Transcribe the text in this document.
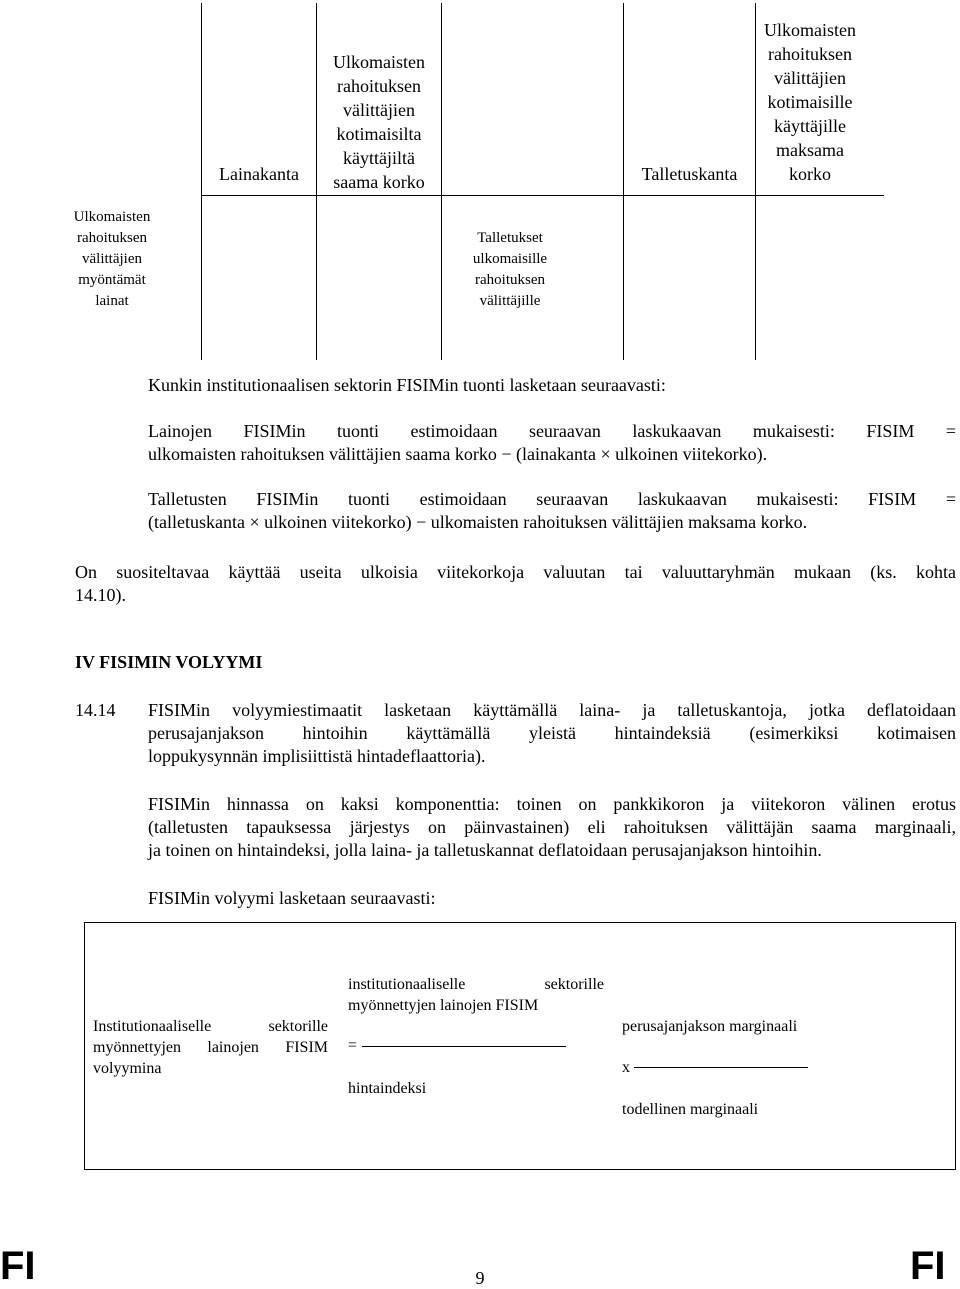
Lainakanta
Ulkomaisten
rahoituksen
välittäjien
kotimaisilta
käyttäjiltä
saama korko	Talletuskanta
Ulkomaisten
rahoituksen
välittäjien
kotimaisille
käyttäjille
maksama
korko
Ulkomaisten
rahoituksen
välittäjien
myöntämät
lainat
Talletukset
ulkomaisille
rahoituksen
välittäjille
Kunkin institutionaalisen sektorin FISIMin tuonti lasketaan seuraavasti:
Lainojen FISIMin tuonti estimoidaan seuraavan laskukaavan mukaisesti: FISIM =
ulkomaisten rahoituksen välittäjien saama korko − (lainakanta × ulkoinen viitekorko).
Talletusten FISIMin tuonti estimoidaan seuraavan laskukaavan mukaisesti: FISIM =
(talletuskanta × ulkoinen viitekorko) − ulkomaisten rahoituksen välittäjien maksama korko.
On suositeltavaa käyttää useita ulkoisia viitekorkoja valuutan tai valuuttaryhmän mukaan (ks. kohta
14.10).
IV FISIMIN VOLYYMI
14.14 FISIMin volyymiestimaatit lasketaan käyttämällä laina- ja talletuskantoja, jotka deflatoidaan
perusajanjakson hintoihin käyttämällä yleistä hintaindeksiä (esimerkiksi kotimaisen
loppukysynnän implisiittistä hintadeflaattoria).
FISIMin hinnassa on kaksi komponenttia: toinen on pankkikoron ja viitekoron välinen erotus
(talletusten tapauksessa järjestys on päinvastainen) eli rahoituksen välittäjän saama marginaali,
ja toinen on hintaindeksi, jolla laina- ja talletuskannat deflatoidaan perusajanjakson hintoihin.
FISIMin volyymi lasketaan seuraavasti:
Institutionaaliselle sektorille
myönnettyjen lainojen FISIM
volyymina
institutionaaliselle sektorille
myönnettyjen lainojen FISIM
=
hintaindeksi
perusajanjakson marginaali
x
todellinen marginaali
FI	FI
9
